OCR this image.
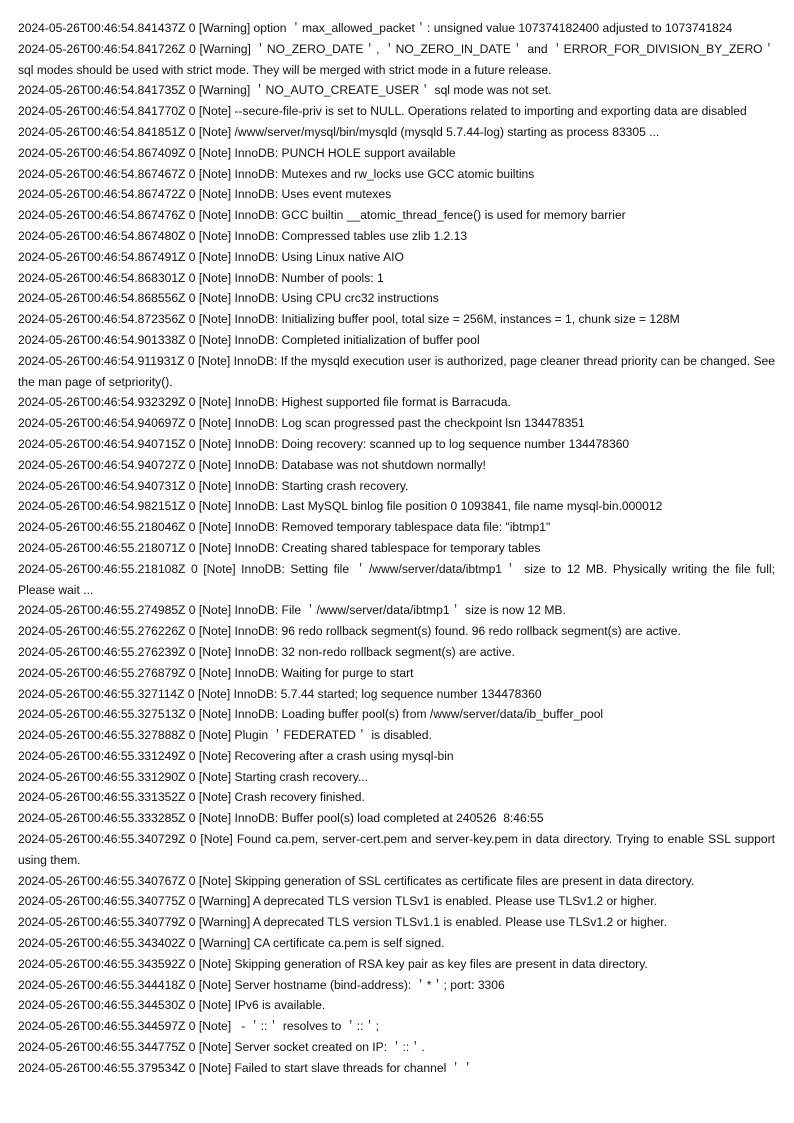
2024-05-26T00:46:54.841437Z 0 [Warning] option ＇max_allowed_packet＇: unsigned value 107374182400 adjusted to 1073741824

2024-05-26T00:46:54.841726Z 0 [Warning] ＇NO_ZERO_DATE＇, ＇NO_ZERO_IN_DATE＇ and ＇ERROR_FOR_DIVISION_BY_ZERO＇ sql modes should be used with strict mode. They will be merged with strict mode in a future release.

2024-05-26T00:46:54.841735Z 0 [Warning] ＇NO_AUTO_CREATE_USER＇ sql mode was not set.

2024-05-26T00:46:54.841770Z 0 [Note] --secure-file-priv is set to NULL. Operations related to importing and exporting data are disabled

2024-05-26T00:46:54.841851Z 0 [Note] /www/server/mysql/bin/mysqld (mysqld 5.7.44-log) starting as process 83305 ...

2024-05-26T00:46:54.867409Z 0 [Note] InnoDB: PUNCH HOLE support available

2024-05-26T00:46:54.867467Z 0 [Note] InnoDB: Mutexes and rw_locks use GCC atomic builtins

2024-05-26T00:46:54.867472Z 0 [Note] InnoDB: Uses event mutexes

2024-05-26T00:46:54.867476Z 0 [Note] InnoDB: GCC builtin __atomic_thread_fence() is used for memory barrier

2024-05-26T00:46:54.867480Z 0 [Note] InnoDB: Compressed tables use zlib 1.2.13

2024-05-26T00:46:54.867491Z 0 [Note] InnoDB: Using Linux native AIO

2024-05-26T00:46:54.868301Z 0 [Note] InnoDB: Number of pools: 1

2024-05-26T00:46:54.868556Z 0 [Note] InnoDB: Using CPU crc32 instructions

2024-05-26T00:46:54.872356Z 0 [Note] InnoDB: Initializing buffer pool, total size = 256M, instances = 1, chunk size = 128M

2024-05-26T00:46:54.901338Z 0 [Note] InnoDB: Completed initialization of buffer pool

2024-05-26T00:46:54.911931Z 0 [Note] InnoDB: If the mysqld execution user is authorized, page cleaner thread priority can be changed. See the man page of setpriority().

2024-05-26T00:46:54.932329Z 0 [Note] InnoDB: Highest supported file format is Barracuda.

2024-05-26T00:46:54.940697Z 0 [Note] InnoDB: Log scan progressed past the checkpoint lsn 134478351

2024-05-26T00:46:54.940715Z 0 [Note] InnoDB: Doing recovery: scanned up to log sequence number 134478360

2024-05-26T00:46:54.940727Z 0 [Note] InnoDB: Database was not shutdown normally!

2024-05-26T00:46:54.940731Z 0 [Note] InnoDB: Starting crash recovery.

2024-05-26T00:46:54.982151Z 0 [Note] InnoDB: Last MySQL binlog file position 0 1093841, file name mysql-bin.000012

2024-05-26T00:46:55.218046Z 0 [Note] InnoDB: Removed temporary tablespace data file: "ibtmp1"

2024-05-26T00:46:55.218071Z 0 [Note] InnoDB: Creating shared tablespace for temporary tables

2024-05-26T00:46:55.218108Z 0 [Note] InnoDB: Setting file ＇/www/server/data/ibtmp1＇ size to 12 MB. Physically writing the file full; Please wait ...

2024-05-26T00:46:55.274985Z 0 [Note] InnoDB: File ＇/www/server/data/ibtmp1＇ size is now 12 MB.

2024-05-26T00:46:55.276226Z 0 [Note] InnoDB: 96 redo rollback segment(s) found. 96 redo rollback segment(s) are active.

2024-05-26T00:46:55.276239Z 0 [Note] InnoDB: 32 non-redo rollback segment(s) are active.

2024-05-26T00:46:55.276879Z 0 [Note] InnoDB: Waiting for purge to start

2024-05-26T00:46:55.327114Z 0 [Note] InnoDB: 5.7.44 started; log sequence number 134478360

2024-05-26T00:46:55.327513Z 0 [Note] InnoDB: Loading buffer pool(s) from /www/server/data/ib_buffer_pool

2024-05-26T00:46:55.327888Z 0 [Note] Plugin ＇FEDERATED＇ is disabled.

2024-05-26T00:46:55.331249Z 0 [Note] Recovering after a crash using mysql-bin

2024-05-26T00:46:55.331290Z 0 [Note] Starting crash recovery...

2024-05-26T00:46:55.331352Z 0 [Note] Crash recovery finished.

2024-05-26T00:46:55.333285Z 0 [Note] InnoDB: Buffer pool(s) load completed at 240526  8:46:55

2024-05-26T00:46:55.340729Z 0 [Note] Found ca.pem, server-cert.pem and server-key.pem in data directory. Trying to enable SSL support using them.

2024-05-26T00:46:55.340767Z 0 [Note] Skipping generation of SSL certificates as certificate files are present in data directory.

2024-05-26T00:46:55.340775Z 0 [Warning] A deprecated TLS version TLSv1 is enabled. Please use TLSv1.2 or higher.

2024-05-26T00:46:55.340779Z 0 [Warning] A deprecated TLS version TLSv1.1 is enabled. Please use TLSv1.2 or higher.

2024-05-26T00:46:55.343402Z 0 [Warning] CA certificate ca.pem is self signed.

2024-05-26T00:46:55.343592Z 0 [Note] Skipping generation of RSA key pair as key files are present in data directory.

2024-05-26T00:46:55.344418Z 0 [Note] Server hostname (bind-address): ＇*＇; port: 3306

2024-05-26T00:46:55.344530Z 0 [Note] IPv6 is available.

2024-05-26T00:46:55.344597Z 0 [Note]   - ＇::＇ resolves to ＇::＇;

2024-05-26T00:46:55.344775Z 0 [Note] Server socket created on IP: ＇::＇.

2024-05-26T00:46:55.379534Z 0 [Note] Failed to start slave threads for channel ＇＇
